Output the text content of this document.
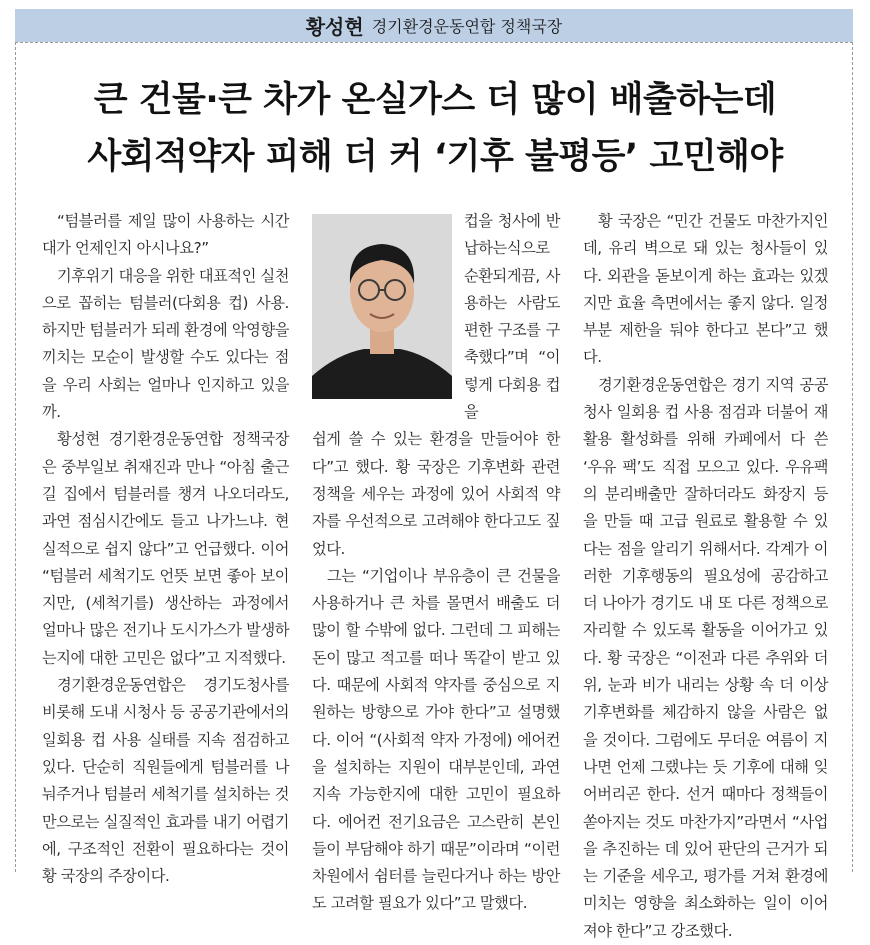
황성현 경기환경운동연합 정책국장
큰 건물·큰 차가 온실가스 더 많이 배출하는데
사회적약자 피해 더 커 ‘기후 불평등’ 고민해야

“텀블러를 제일 많이 사용하는 시간대가 언제인지 아시나요?”

기후위기 대응을 위한 대표적인 실천으로 꼽히는 텀블러(다회용 컵) 사용. 하지만 텀블러가 되레 환경에 악영향을 끼치는 모순이 발생할 수도 있다는 점을 우리 사회는 얼마나 인지하고 있을까.

황성현 경기환경운동연합 정책국장은 중부일보 취재진과 만나 “아침 출근길 집에서 텀블러를 챙겨 나오더라도, 과연 점심시간에도 들고 나가느냐. 현실적으로 쉽지 않다”고 언급했다. 이어 “텀블러 세척기도 언뜻 보면 좋아 보이지만, (세척기를) 생산하는 과정에서 얼마나 많은 전기나 도시가스가 발생하는지에 대한 고민은 없다”고 지적했다.

경기환경운동연합은 경기도청사를 비롯해 도내 시청사 등 공공기관에서의 일회용 컵 사용 실태를 지속 점검하고 있다. 단순히 직원들에게 텀블러를 나눠주거나 텀블러 세척기를 설치하는 것만으로는 실질적인 효과를 내기 어렵기에, 구조적인 전환이 필요하다는 것이 황 국장의 주장이다.

컵을 청사에 반납하는식으로 순환되게끔, 사용하는 사람도 편한 구조를 구축했다”며 “이렇게 다회용 컵을

쉽게 쓸 수 있는 환경을 만들어야 한다”고 했다. 황 국장은 기후변화 관련 정책을 세우는 과정에 있어 사회적 약자를 우선적으로 고려해야 한다고도 짚었다.

그는 “기업이나 부유층이 큰 건물을 사용하거나 큰 차를 몰면서 배출도 더 많이 할 수밖에 없다. 그런데 그 피해는 돈이 많고 적고를 떠나 똑같이 받고 있다. 때문에 사회적 약자를 중심으로 지원하는 방향으로 가야 한다”고 설명했다. 이어 “(사회적 약자 가정에) 에어컨을 설치하는 지원이 대부분인데, 과연 지속 가능한지에 대한 고민이 필요하다. 에어컨 전기요금은 고스란히 본인들이 부담해야 하기 때문”이라며 “이런 차원에서 쉼터를 늘린다거나 하는 방안도 고려할 필요가 있다”고 말했다.

황 국장은 “민간 건물도 마찬가지인데, 유리 벽으로 돼 있는 청사들이 있다. 외관을 돋보이게 하는 효과는 있겠지만 효율 측면에서는 좋지 않다. 일정 부분 제한을 둬야 한다고 본다”고 했다.

경기환경운동연합은 경기 지역 공공청사 일회용 컵 사용 점검과 더불어 재활용 활성화를 위해 카페에서 다 쓴 ‘우유 팩’도 직접 모으고 있다. 우유팩의 분리배출만 잘하더라도 화장지 등을 만들 때 고급 원료로 활용할 수 있다는 점을 알리기 위해서다. 각계가 이러한 기후행동의 필요성에 공감하고 더 나아가 경기도 내 또 다른 정책으로 자리할 수 있도록 활동을 이어가고 있다. 황 국장은 “이전과 다른 추위와 더위, 눈과 비가 내리는 상황 속 더 이상 기후변화를 체감하지 않을 사람은 없을 것이다. 그럼에도 무더운 여름이 지나면 언제 그랬냐는 듯 기후에 대해 잊어버리곤 한다. 선거 때마다 정책들이 쏟아지는 것도 마찬가지”라면서 “사업을 추진하는 데 있어 판단의 근거가 되는 기준을 세우고, 평가를 거쳐 환경에 미치는 영향을 최소화하는 일이 이어져야 한다”고 강조했다.
